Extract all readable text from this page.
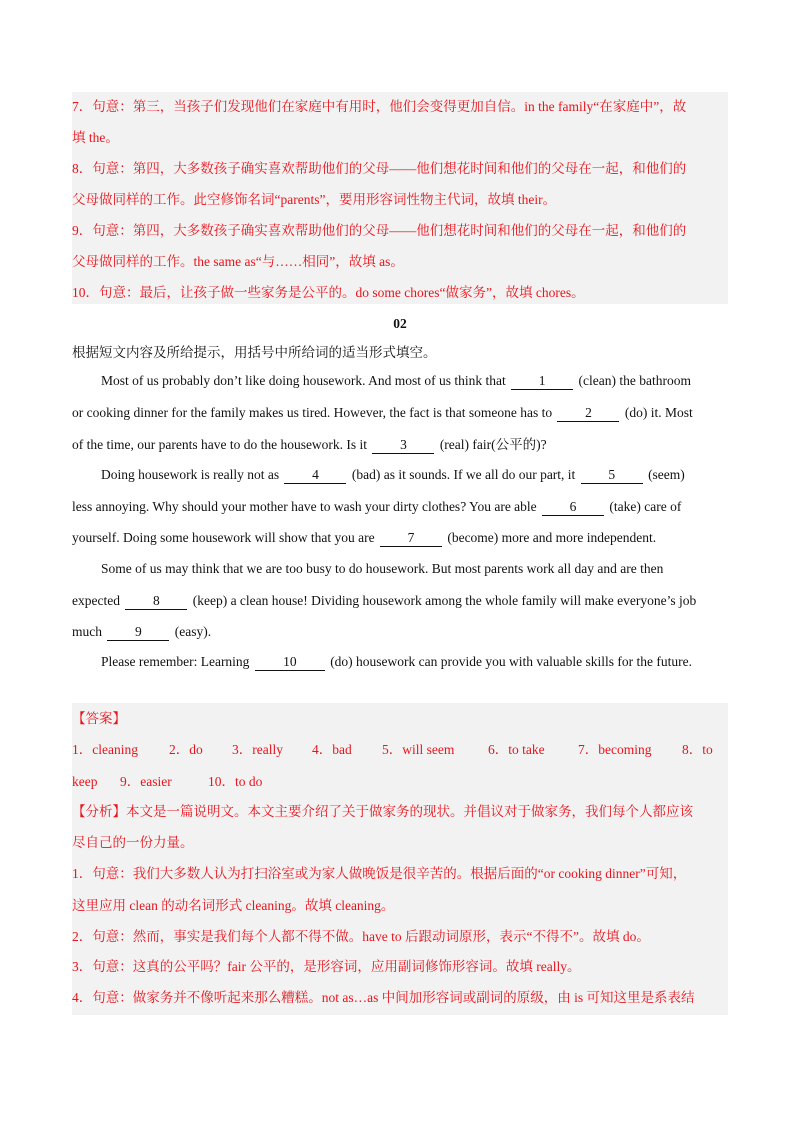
7．句意：第三，当孩子们发现他们在家庭中有用时，他们会变得更加自信。in the family“在家庭中”，故
填 the。
8．句意：第四，大多数孩子确实喜欢帮助他们的父母——他们想花时间和他们的父母在一起，和他们的
父母做同样的工作。此空修饰名词“parents”，要用形容词性物主代词，故填 their。
9．句意：第四，大多数孩子确实喜欢帮助他们的父母——他们想花时间和他们的父母在一起，和他们的
父母做同样的工作。the same as“与……相同”，故填 as。
10．句意：最后，让孩子做一些家务是公平的。do some chores“做家务”，故填 chores。
02
根据短文内容及所给提示，用括号中所给词的适当形式填空。
Most of us probably don’t like doing housework. And most of us think that 1 (clean) the bathroom
or cooking dinner for the family makes us tired. However, the fact is that someone has to 2 (do) it. Most
of the time, our parents have to do the housework. Is it 3 (real) fair(公平的)?
Doing housework is really not as 4 (bad) as it sounds. If we all do our part, it 5 (seem)
less annoying. Why should your mother have to wash your dirty clothes? You are able 6 (take) care of
yourself. Doing some housework will show that you are 7 (become) more and more independent.
Some of us may think that we are too busy to do housework. But most parents work all day and are then
expected 8 (keep) a clean house! Dividing housework among the whole family will make everyone’s job
much 9 (easy).
Please remember: Learning 10 (do) housework can provide you with valuable skills for the future.
【答案】
1．cleaning 2．do 3．really 4．bad 5．will seem 6．to take 7．becoming 8．to
keep 9．easier	10．to do
【分析】本文是一篇说明文。本文主要介绍了关于做家务的现状。并倡议对于做家务，我们每个人都应该
尽自己的一份力量。
1．句意：我们大多数人认为打扫浴室或为家人做晚饭是很辛苦的。根据后面的“or cooking dinner”可知，
这里应用 clean 的动名词形式 cleaning。故填 cleaning。
2．句意：然而，事实是我们每个人都不得不做。have to 后跟动词原形，表示“不得不”。故填 do。
3．句意：这真的公平吗？fair 公平的，是形容词，应用副词修饰形容词。故填 really。
4．句意：做家务并不像听起来那么糟糕。not as…as 中间加形容词或副词的原级，由 is 可知这里是系表结
